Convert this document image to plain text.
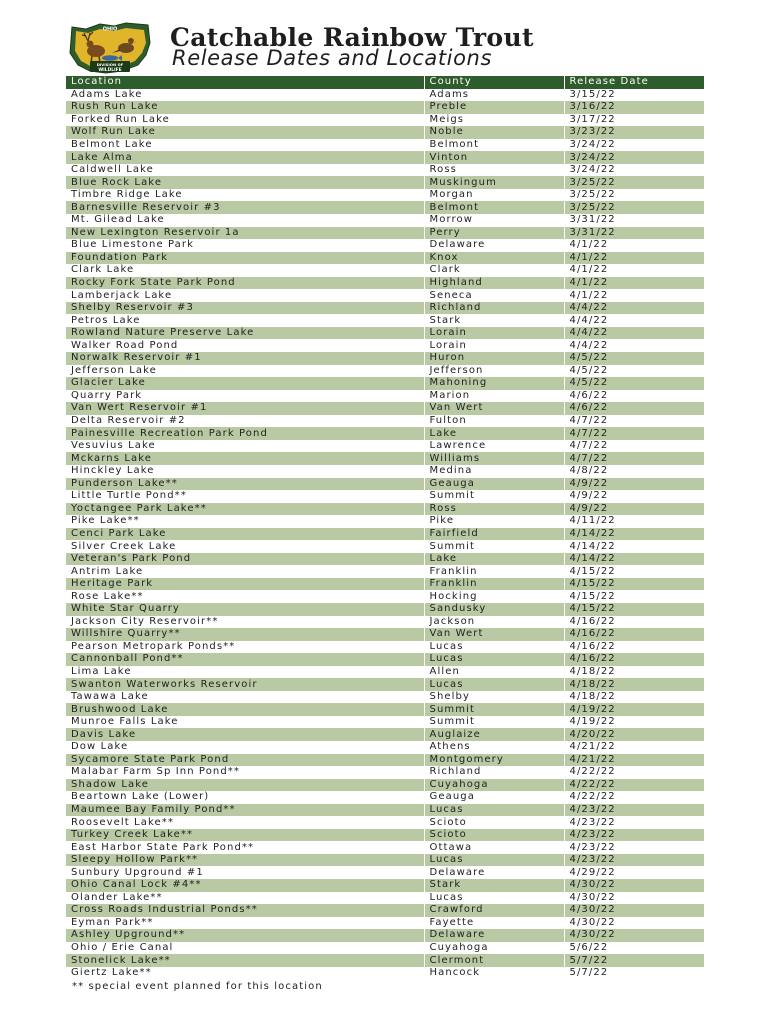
OHIO
DIVISION OF
WILDLIFE
Catchable Rainbow Trout
Release Dates and Locations
Location	County	Release Date
Adams Lake	Adams	3/15/22
Rush Run Lake	Preble	3/16/22
Forked Run Lake	Meigs	3/17/22
Wolf Run Lake	Noble	3/23/22
Belmont Lake	Belmont	3/24/22
Lake Alma	Vinton	3/24/22
Caldwell Lake	Ross	3/24/22
Blue Rock Lake	Muskingum	3/25/22
Timbre Ridge Lake	Morgan	3/25/22
Barnesville Reservoir #3	Belmont	3/25/22
Mt. Gilead Lake	Morrow	3/31/22
New Lexington Reservoir 1a	Perry	3/31/22
Blue Limestone Park	Delaware	4/1/22
Foundation Park	Knox	4/1/22
Clark Lake	Clark	4/1/22
Rocky Fork State Park Pond	Highland	4/1/22
Lamberjack Lake	Seneca	4/1/22
Shelby Reservoir #3	Richland	4/4/22
Petros Lake	Stark	4/4/22
Rowland Nature Preserve Lake	Lorain	4/4/22
Walker Road Pond	Lorain	4/4/22
Norwalk Reservoir #1	Huron	4/5/22
Jefferson Lake	Jefferson	4/5/22
Glacier Lake	Mahoning	4/5/22
Quarry Park	Marion	4/6/22
Van Wert Reservoir #1	Van Wert	4/6/22
Delta Reservoir #2	Fulton	4/7/22
Painesville Recreation Park Pond	Lake	4/7/22
Vesuvius Lake	Lawrence	4/7/22
Mckarns Lake	Williams	4/7/22
Hinckley Lake	Medina	4/8/22
Punderson Lake**	Geauga	4/9/22
Little Turtle Pond**	Summit	4/9/22
Yoctangee Park Lake**	Ross	4/9/22
Pike Lake**	Pike	4/11/22
Cenci Park Lake	Fairfield	4/14/22
Silver Creek Lake	Summit	4/14/22
Veteran's Park Pond	Lake	4/14/22
Antrim Lake	Franklin	4/15/22
Heritage Park	Franklin	4/15/22
Rose Lake**	Hocking	4/15/22
White Star Quarry	Sandusky	4/15/22
Jackson City Reservoir**	Jackson	4/16/22
Willshire Quarry**	Van Wert	4/16/22
Pearson Metropark Ponds**	Lucas	4/16/22
Cannonball Pond**	Lucas	4/16/22
Lima Lake	Allen	4/18/22
Swanton Waterworks Reservoir	Lucas	4/18/22
Tawawa Lake	Shelby	4/18/22
Brushwood Lake	Summit	4/19/22
Munroe Falls Lake	Summit	4/19/22
Davis Lake	Auglaize	4/20/22
Dow Lake	Athens	4/21/22
Sycamore State Park Pond	Montgomery	4/21/22
Malabar Farm Sp Inn Pond**	Richland	4/22/22
Shadow Lake	Cuyahoga	4/22/22
Beartown Lake (Lower)	Geauga	4/22/22
Maumee Bay Family Pond**	Lucas	4/23/22
Roosevelt Lake**	Scioto	4/23/22
Turkey Creek Lake**	Scioto	4/23/22
East Harbor State Park Pond**	Ottawa	4/23/22
Sleepy Hollow Park**	Lucas	4/23/22
Sunbury Upground #1	Delaware	4/29/22
Ohio Canal Lock #4**	Stark	4/30/22
Olander Lake**	Lucas	4/30/22
Cross Roads Industrial Ponds**	Crawford	4/30/22
Eyman Park**	Fayette	4/30/22
Ashley Upground**	Delaware	4/30/22
Ohio / Erie Canal	Cuyahoga	5/6/22
Stonelick Lake**	Clermont	5/7/22
Giertz Lake**	Hancock	5/7/22
** special event planned for this location
